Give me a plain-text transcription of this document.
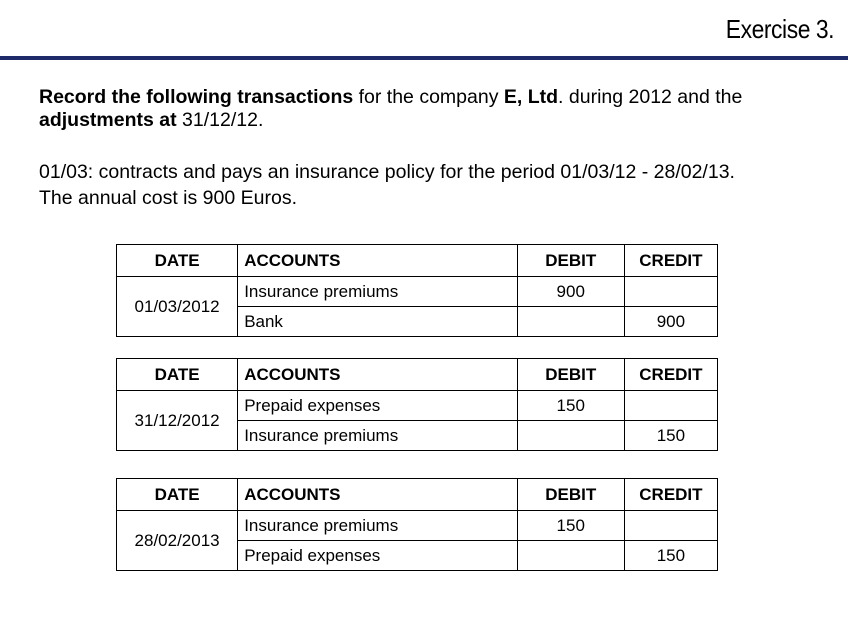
Exercise 3.
Record the following transactions for the company E, Ltd. during 2012 and the
adjustments at 31/12/12.
01/03: contracts and pays an insurance policy for the period 01/03/12 - 28/02/13.
The annual cost is 900 Euros.
DATE	ACCOUNTS	DEBIT	CREDIT
01/03/2012	Insurance premiums	900	
	Bank		900
DATE	ACCOUNTS	DEBIT	CREDIT
31/12/2012	Prepaid expenses	150	
	Insurance premiums		150
DATE	ACCOUNTS	DEBIT	CREDIT
28/02/2013	Insurance premiums	150	
	Prepaid expenses		150
